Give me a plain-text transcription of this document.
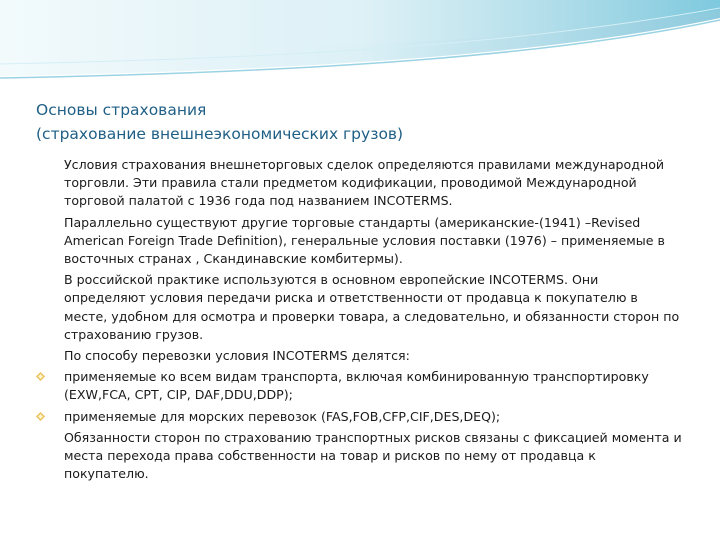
Основы страхования
(страхование внешнеэкономических грузов)
Условия страхования внешнеторговых сделок определяются правилами международной торговли. Эти правила стали предметом кодификации, проводимой Международной торговой палатой с 1936 года под названием INCOTERMS.
Параллельно существуют другие торговые стандарты (американские-(1941) –Revised American Foreign Trade Definition), генеральные условия поставки (1976) – применяемые в восточных странах , Скандинавские комбитермы).
В российской практике используются в основном европейские INCOTERMS. Они определяют условия передачи риска и ответственности от продавца к покупателю в месте, удобном для осмотра и проверки товара, а следовательно, и обязанности сторон по страхованию грузов.
По способу перевозки условия INCOTERMS делятся:
применяемые ко всем видам транспорта, включая комбинированную транспортировку (EXW,FCA, CPT, CIP, DAF,DDU,DDP);
применяемые для морских перевозок (FAS,FOB,CFP,CIF,DES,DEQ);
Обязанности сторон по страхованию транспортных рисков связаны с фиксацией момента и места перехода права собственности на товар и рисков по нему от продавца к покупателю.
